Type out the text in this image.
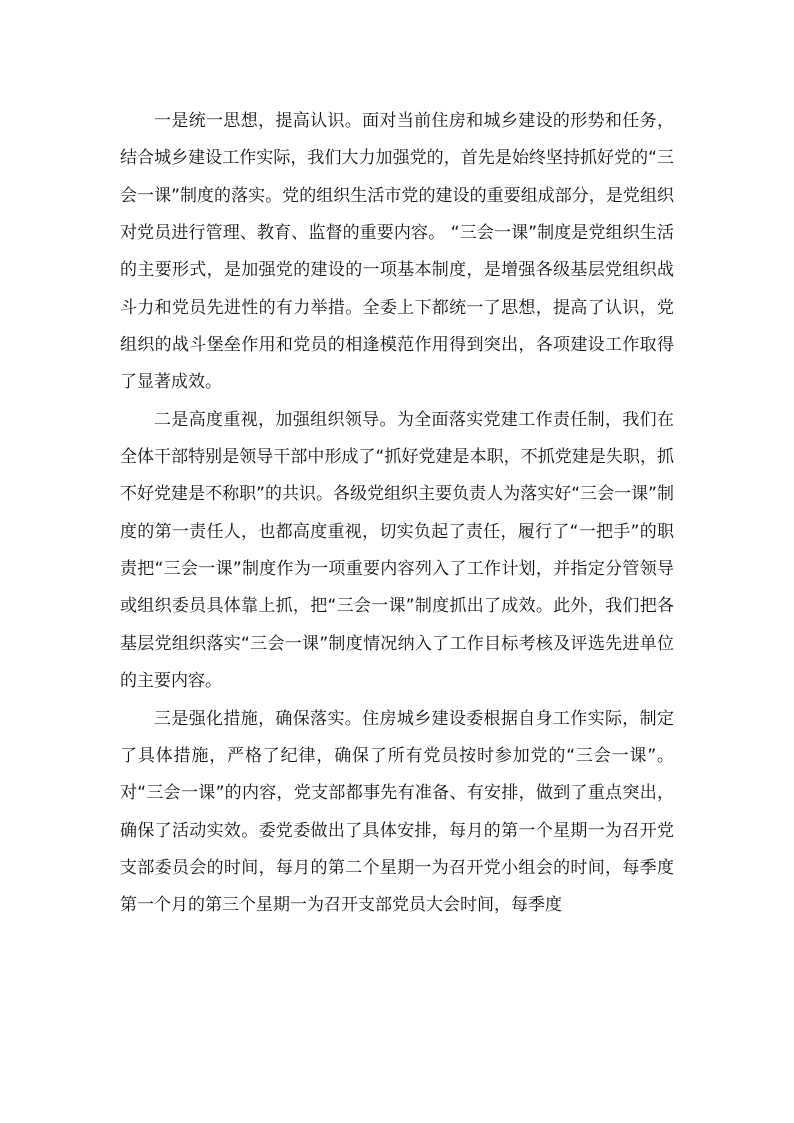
一是统一思想，提高认识。面对当前住房和城乡建设的形势和任务，结合城乡建设工作实际，我们大力加强党的，首先是始终坚持抓好党的“三会一课”制度的落实。党的组织生活市党的建设的重要组成部分，是党组织对党员进行管理、教育、监督的重要内容。 “三会一课”制度是党组织生活的主要形式，是加强党的建设的一项基本制度，是增强各级基层党组织战斗力和党员先进性的有力举措。全委上下都统一了思想，提高了认识，党组织的战斗堡垒作用和党员的相逢模范作用得到突出，各项建设工作取得了显著成效。

二是高度重视，加强组织领导。为全面落实党建工作责任制，我们在全体干部特别是领导干部中形成了“抓好党建是本职，不抓党建是失职，抓不好党建是不称职”的共识。各级党组织主要负责人为落实好“三会一课”制度的第一责任人，也都高度重视，切实负起了责任，履行了“一把手”的职责把“三会一课”制度作为一项重要内容列入了工作计划，并指定分管领导或组织委员具体靠上抓，把“三会一课”制度抓出了成效。此外，我们把各基层党组织落实“三会一课”制度情况纳入了工作目标考核及评选先进单位的主要内容。

三是强化措施，确保落实。住房城乡建设委根据自身工作实际，制定了具体措施，严格了纪律，确保了所有党员按时参加党的“三会一课”。对“三会一课”的内容，党支部都事先有准备、有安排，做到了重点突出，确保了活动实效。委党委做出了具体安排，每月的第一个星期一为召开党支部委员会的时间，每月的第二个星期一为召开党小组会的时间，每季度第一个月的第三个星期一为召开支部党员大会时间，每季度
